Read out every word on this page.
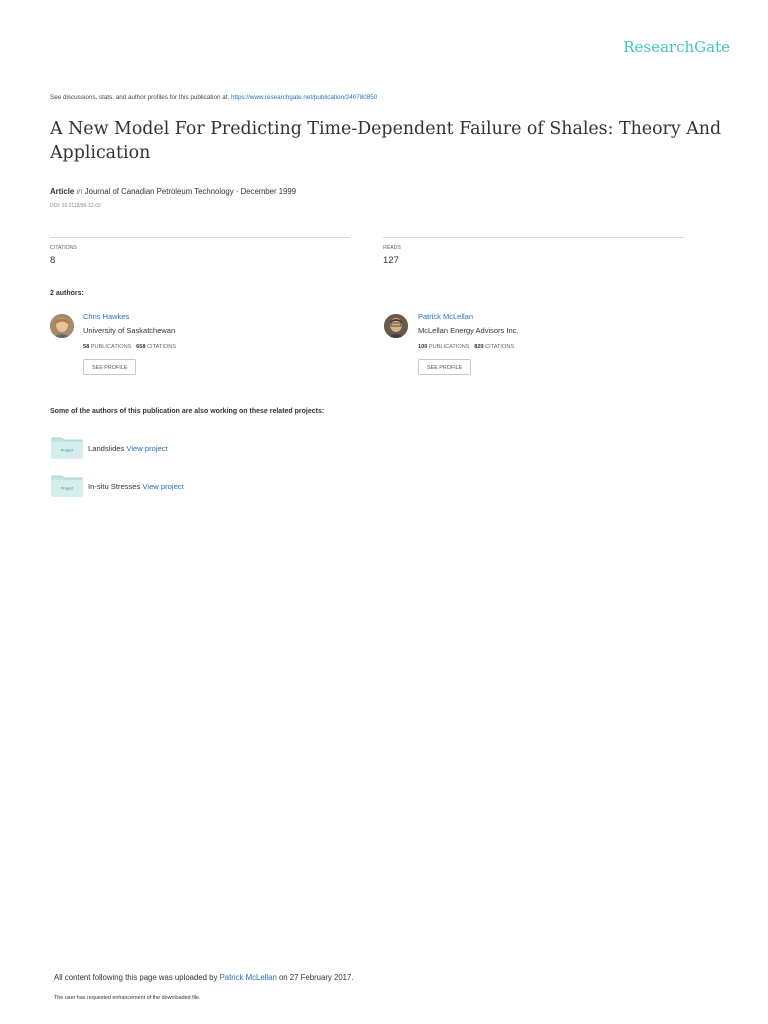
ResearchGate
See discussions, stats, and author profiles for this publication at: https://www.researchgate.net/publication/240780850
A New Model For Predicting Time-Dependent Failure of Shales: Theory And Application
Article in Journal of Canadian Petroleum Technology · December 1999
DOI: 10.2118/99-12-02
CITATIONS
8
READS
127
2 authors:
Chris Hawkes
University of Saskatchewan
58 PUBLICATIONS 658 CITATIONS
SEE PROFILE
Patrick McLellan
McLellan Energy Advisors Inc.
100 PUBLICATIONS 829 CITATIONS
SEE PROFILE
Some of the authors of this publication are also working on these related projects:
Project Landslides View project
Project In-situ Stresses View project
All content following this page was uploaded by Patrick McLellan on 27 February 2017.
The user has requested enhancement of the downloaded file.
